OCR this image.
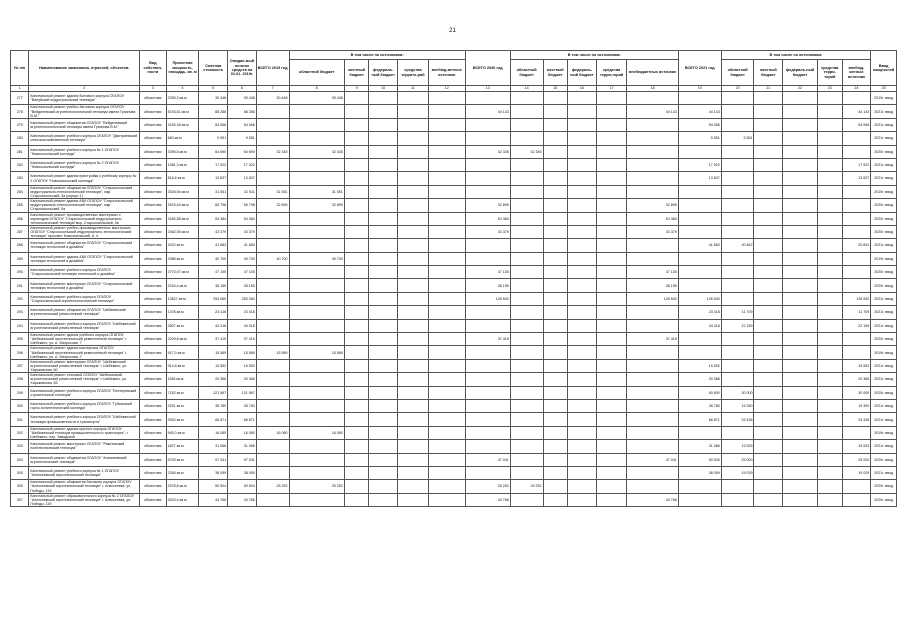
21
№ п/п	Наименование заказчиков, отраслей, объектов.	Вид собствен-ности	Проектная мощность, площадь, кв. м	Сметная стоимость	Ожидае-мый остаток средств на 01.01. 2019г.	ВСЕГО 2019 год	В том числе по источникам:					ВСЕГО 2020 год	В том числе по источникам:					ВСЕГО 2021 год	В том числе по источникам:					Ввод мощностей
							областной бюджет	местный бюджет	федераль-ный бюджет	средства террито-рий	внебюд-жетных источник		областной бюджет	местный бюджет	федераль-ный бюджет	средства терри-торий	внебюджетных источник		областной бюджет	местный бюджет	федераль-ный бюджет	средства терри-торий	внебюд-жетных источник	
1	2	3	4	5	6	7	8	9	10	11	12	13	14	15	16	17	18	19	20	21	22	23	24	25
277	Капитальный ремонт здания бытового корпуса ОГАПОУ "Валуйский индустриальный техникум"	областная	2390,3 кв.м	30 448	30 448	30 448	30 448																	2019г. ввод
278	Капитальный ремонт учебно-бытового корпуса ОГАПОУ "Вейделевский агротехнологический техникум имени Грязнова В.М."	областная	5193,51 кв.м	88 286	88 286							44 143					44 143	44 143					44 143	2021г. ввод
279	Капитальный ремонт общежития ОГАПОУ "Вейделевский агротехнологический техникум имени Грязнова В.М."	областная	3183,36 кв.м	54 066	54 066													54 066					54 066	2021г. ввод
280	Капитальный ремонт учебного корпуса ОГАПОУ "Дмитриевский сельскохозяйственный техникум"	областная	660 кв.м	9 551	9 551													9 551	9 551					2021г. ввод
281	Капитальный ремонт учебного корпуса № 1 ОГАПОУ "Новооскольский колледж"	областная	3395,5 кв.м	64 690	64 690	32 345	32 345					32 345	32 345											2020г. ввод
282	Капитальный ремонт учебного корпуса № 2 ОГАПОУ "Новооскольский колледж"	областная	1081,3 кв.м	17 922	17 922													17 922					17 922	2021г. ввод
283	Капитальный ремонт здания пристройки к учебному корпусу № 2 ОГАПОУ "Новооскольский колледж"	областная	816,6 кв.м	13 837	13 837													13 837					13 837	2021г. ввод
284	Капитальный ремонт общежития ОГАПОУ "Старооскольский индустриально-технологический техникум", мкр. Старооскольский, 5а (корпус 1)	областная	2028,94 кв.м	31 551	31 511	31 551	31 551																	2019г. ввод
285	Капитальный ремонт здания АБК ОГАПОУ "Старооскольский индустриально-технологический техникум", мкр. Старооскольский, 5а	областная	2876,44 кв.м	65 798	65 798	32 899	32 899					32 899					32 899							2020г. ввод
286	Капитальный ремонт производственных мастерских с переходом ОГАПОУ "Старооскольский индустриально-технологический техникум"мкр. Старооскольский, 5а	областная	3180,58 кв.м	54 384	54 384							54 384					54 384							2020г. ввод
287	Капитальный ремонт учебно-производственных мастерских ОГАПОУ "Старооскольский индустриально-технологический техникум" проспект Комсомольский, 8, 4	областная	2482,05 кв.м	43 379	43 379							43 379					43 379							2020г. ввод
288	Капитальный ремонт общежития ОГАПОУ "Старооскольский техникум технологий и дизайна"	областная	2432 кв.м	41 683	41 683													41 683	20 842				20 841	2021г. ввод
289	Капитальный ремонт здания АБК ОГАПОУ "Старооскольский техникум технологий и дизайна"	областная	2388 кв.м	40 700	40 700	40 700	40 700																	2019г. ввод
290	Капитальный ремонт учебного корпуса ОГАПОУ "Старооскольский техникум технологий и дизайна"	областная	2770,07 кв.м	47 105	47 105							47 105					47 105							2020г. ввод
291	Капитальный ремонт мастерских ОГАПОУ "Старооскольский техникум технологий и дизайна"	областная	2244,4 кв.м	38 155	38 155							38 155					38 155							2020г. ввод
292	Капитальный ремонт учебного корпуса ОГАПОУ "Старооскольский агротехнологический техникум"	областная	13827 кв.м	253 060	253 060							126 530					126 530	126 530					126 530	2021г. ввод
293	Капитальный ремонт общежития ОГАПОУ "Шебекинский агротехнический ремесленный техникум"	областная	1378 кв.м	23 418	23 418													23 418	11 709				11 709	2021г. ввод
294	Капитальный ремонт учебного корпуса ОГАПОУ "Шебекинский агротехнический ремесленный техникум"	областная	2607 кв.м	44 318	44 318													44 318	22 159				22 159	2021г. ввод
295	Капитальный ремонт здания учебного корпуса ОГАПОУ "Шебекинский агротехнический ремесленный техникум" г. Шебекино, ул. А. Матросова, 7	областная	2209,8 кв.м	37 415	37 415							37 415					37 415							2020г. ввод
296	Капитальный ремонт здания мастерских ОГАПОУ "Шебекинский агротехнический ремесленный техникум" г. Шебекино, ул. А. Матросова, 7	областная	917,3 кв.м	15 589	15 589	15 589	15 589																	2019г. ввод
297	Капитальный ремонт мастерских ОГАПОУ "Шебекинский агротехнический ремесленный техникум" г. Шебекино, ул. Харьковская, 60	областная	914,8 кв.м	15 552	15 552													15 552					15 552	2021г. ввод
298	Капитальный ремонт столовой ОГАПОУ "Шебекинский агротехнический ремесленный техникум" г. Шебекино, ул. Харьковская, 55	областная	1196 кв.м	20 366	20 366													20 366					20 366	2021г. ввод
299	Капитальный ремонт учебного корпуса ОГАПОУ "Бехтеревский строительный техникум"	областная	7152 кв.м	121 587	121 587													60 800	30 000				30 000	2020г. ввод
300	Капитальный ремонт учебного корпуса ОГАПОУ "Губкинский горно-политехнический колледж"	областная	2251 кв.м	38 780	38 780													38 780	19 390				19 390	2021г. ввод
301	Капитальный ремонт учебного корпуса ОГАПОУ "Шебекинский техникум промышленности и транспорта"	областная	3934 кв.м	66 871	66 871													66 871	33 436				33 435	2021г. ввод
302	Капитальный ремонт здания крытого корпуса ОГАПОУ "Шебекинский техникум промышленности и транспорта", г. Шебекино, пер. Заводской	областная	945,3 кв.м	16 080	16 080	16 080	16 080																	2019г. ввод
303	Капитальный ремонт мастерских ОГАПОУ "Ракитянский политехнический техникум"	областная	1827 кв.м	31 066	31 066													31 066	15 533				15 533	2021г. ввод
304	Капитальный ремонт общежития ОГАПОУ "Алексеевский агротехнический техникум"	областная	5705 кв.м	97 041	97 041							47 041					47 041	50 000	25 000				25 000	2020г. ввод
305	Капитальный ремонт учебного корпуса № 1 ОГАПОУ "Алексеевский агротехнический техникум"	областная	2345 кв.м	38 059	38 059													38 059	19 029				19 029	2021г. ввод
306	Капитальный ремонт общежития бытового корпуса ОГАПОУ "Алексеевский агротехнический техникум" г. Алексеевка, ул. Победы, 119	областная	2978,8 кв.м	50 504	50 504	25 252	25 252					25 252	25 252											2020г. ввод
307	Капитальный ремонт образовательного корпуса № 2 ОГАПОУ "Алексеевский агротехнический техникум" г. Алексеевка, ул. Победы, 119	областная	2633,4 кв.м	44 766	44 766							44 766					44 766							2020г. ввод
